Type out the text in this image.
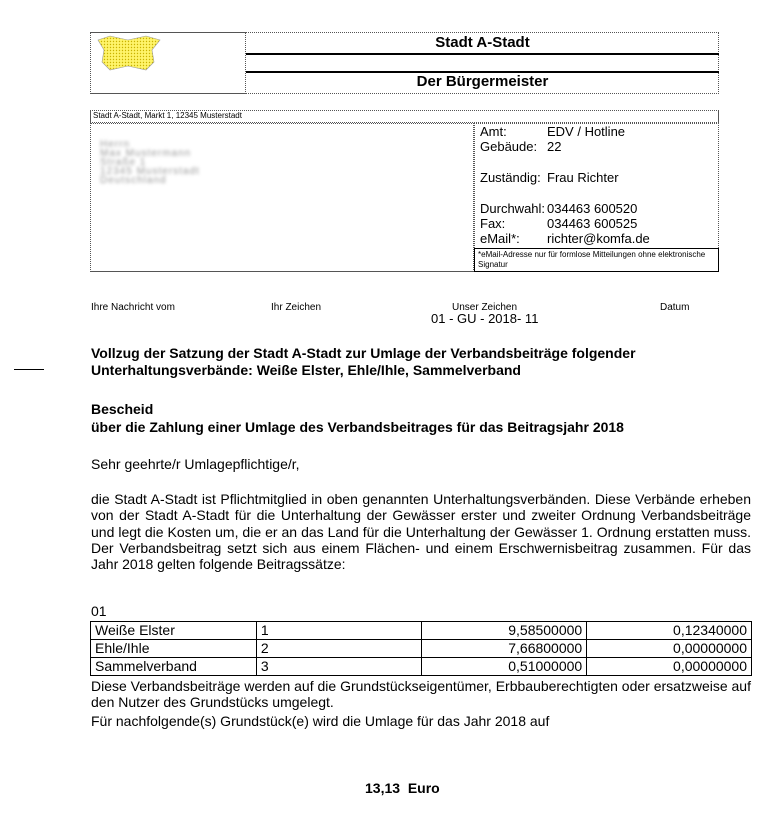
Stadt A-Stadt
Der Bürgermeister
Stadt A-Stadt, Markt 1, 12345 Musterstadt
Herrn
Max Mustermann
Straße 1
12345 Musterstadt
Deutschland
Amt:	EDV / Hotline
Gebäude: 22
Zuständig: Frau Richter
Durchwahl: 034463 600520
Fax:	034463 600525
eMail*: richter@komfa.de
*eMail-Adresse nur für formlose Mitteilungen ohne elektronische Signatur
Ihre Nachricht vom	Ihr Zeichen	Unser Zeichen
01 - GU - 2018- 11
Datum
Vollzug der Satzung der Stadt A-Stadt zur Umlage der Verbandsbeiträge folgender
Unterhaltungsverbände: Weiße Elster, Ehle/Ihle, Sammelverband
Bescheid
über die Zahlung einer Umlage des Verbandsbeitrages für das Beitragsjahr 2018
Sehr geehrte/r Umlagepflichtige/r,
die Stadt A-Stadt ist Pflichtmitglied in oben genannten Unterhaltungsverbänden. Diese Verbände erheben von der Stadt A-Stadt für die Unterhaltung der Gewässer erster und zweiter Ordnung Verbandsbeiträge und legt die Kosten um, die er an das Land für die Unterhaltung der Gewässer 1. Ordnung erstatten muss. Der Verbandsbeitrag setzt sich aus einem Flächen- und einem Erschwernisbeitrag zusammen. Für das Jahr 2018 gelten folgende Beitragssätze:
01
Weiße Elster	1	9,58500000	0,12340000
Ehle/Ihle	2	7,66800000	0,00000000
Sammelverband	3	0,51000000	0,00000000
Diese Verbandsbeiträge werden auf die Grundstückseigentümer, Erbbauberechtigten oder ersatzweise auf den Nutzer des Grundstücks umgelegt.
Für nachfolgende(s) Grundstück(e) wird die Umlage für das Jahr 2018 auf
13,13  Euro
